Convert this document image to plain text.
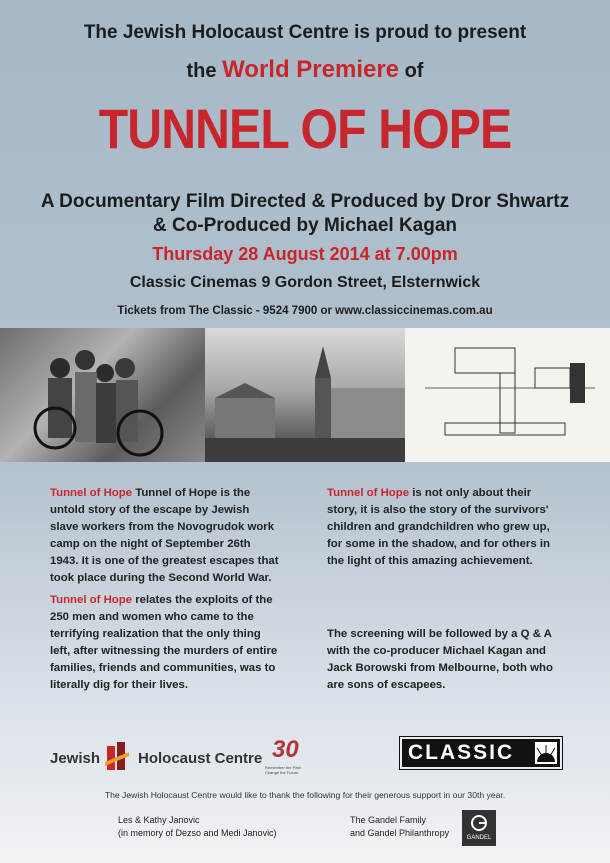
The Jewish Holocaust Centre is proud to present
the World Premiere of
TUNNEL OF HOPE
A Documentary Film Directed & Produced by Dror Shwartz
& Co-Produced by Michael Kagan
Thursday 28 August 2014 at 7.00pm
Classic Cinemas 9 Gordon Street, Elsternwick
Tickets from The Classic - 9524 7900 or www.classiccinemas.com.au
Tunnel of Hope Tunnel of Hope is the untold story of the escape by Jewish slave workers from the Novogrudok work camp on the night of September 26th 1943. It is one of the greatest escapes that took place during the Second World War.
Tunnel of Hope relates the exploits of the 250 men and women who came to the terrifying realization that the only thing left, after witnessing the murders of entire families, friends and communities, was to literally dig for their lives.
Tunnel of Hope is not only about their story, it is also the story of the survivors' children and grandchildren who grew up, for some in the shadow, and for others in the light of this amazing achievement.
The screening will be followed by a Q & A with the co-producer Michael Kagan and Jack Borowski from Melbourne, both who are sons of escapees.
Jewish	Holocaust Centre 30
Remember the Past Change the Future
CLASSIC
The Jewish Holocaust Centre would like to thank the following for their generous support in our 30th year.
Les & Kathy Janovic
(in memory of Dezso and Medi Janovic)
The Gandel Family
and Gandel Philanthropy	GANDEL
